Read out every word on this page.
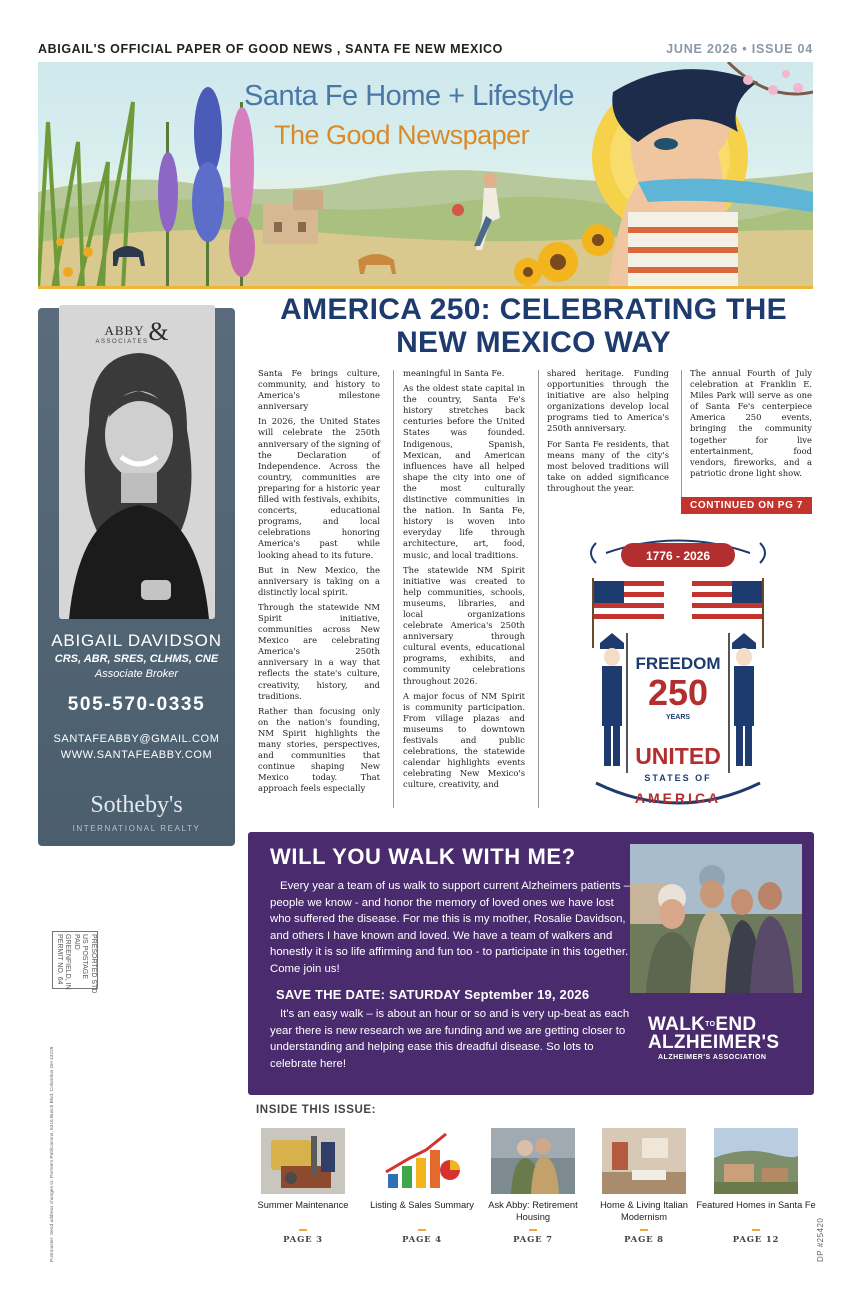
ABIGAIL'S OFFICIAL PAPER OF GOOD NEWS , SANTA FE NEW MEXICO	JUNE 2026 • ISSUE 04
Santa Fe Home + Lifestyle
The Good Newspaper
ABBY &
ASSOCIATES
ABIGAIL DAVIDSON
CRS, ABR, SRES, CLHMS, CNE
Associate Broker
505-570-0335
SANTAFEABBY@GMAIL.COM
WWW.SANTAFEABBY.COM
Sotheby's
INTERNATIONAL REALTY
AMERICA 250: CELEBRATING THE NEW MEXICO WAY

Santa Fe brings culture, community, and history to America's milestone anniversary

In 2026, the United States will celebrate the 250th anniversary of the signing of the Declaration of Independence. Across the country, communities are preparing for a historic year filled with festivals, exhibits, concerts, educational programs, and local celebrations honoring America's past while looking ahead to its future.

But in New Mexico, the anniversary is taking on a distinctly local spirit.

Through the statewide NM Spirit initiative, communities across New Mexico are celebrating America's 250th anniversary in a way that reflects the state's culture, creativity, history, and traditions.

Rather than focusing only on the nation's founding, NM Spirit highlights the many stories, perspectives, and communities that continue shaping New Mexico today. That approach feels especially

meaningful in Santa Fe.

As the oldest state capital in the country, Santa Fe's history stretches back centuries before the United States was founded. Indigenous, Spanish, Mexican, and American influences have all helped shape the city into one of the most culturally distinctive communities in the nation. In Santa Fe, history is woven into everyday life through architecture, art, food, music, and local traditions.

The statewide NM Spirit initiative was created to help communities, schools, museums, libraries, and local organizations celebrate America's 250th anniversary through cultural events, educational programs, exhibits, and community celebrations throughout 2026.

A major focus of NM Spirit is community participation. From village plazas and museums to downtown festivals and public celebrations, the statewide calendar highlights events celebrating New Mexico's culture, creativity, and

shared heritage. Funding opportunities through the initiative are also helping organizations develop local programs tied to America's 250th anniversary.

For Santa Fe residents, that means many of the city's most beloved traditions will take on added significance throughout the year.

The annual Fourth of July celebration at Franklin E. Miles Park will serve as one of Santa Fe's centerpiece America 250 events, bringing the community together for live entertainment, food vendors, fireworks, and a patriotic drone light show.

CONTINUED ON PG 7
1776 - 2026
FREEDOM
250
YEARS
UNITED
STATES OF
AMERICA
WILL YOU WALK WITH ME?
Every year a team of us walk to support current Alzheimers patients – people we know - and honor the memory of loved ones we have lost who suffered the disease. For me this is my mother, Rosalie Davidson, and others I have known and loved. We have a team of walkers and honestly it is so life affirming and fun too - to participate in this together. Come join us!
SAVE THE DATE: SATURDAY September 19, 2026
It's an easy walk – is about an hour or so and is very up-beat as each year there is new research we are funding and we are getting closer to understanding and helping ease this dreadful disease. So lots to celebrate here!
$WALK^{TO}END$
ALZHEIMER'S
ALZHEIMER'S ASSOCIATION
PRESORTED STD
US POSTAGE
PAID
GREENFIELD, IN
PERMIT NO. 64
Postmaster: Send address changes to: Partners Publications, 6316 Busch Blvd, Columbus OH 43229	DP #25420
INSIDE THIS ISSUE:
Summer Maintenance
PAGE 3
Listing & Sales Summary
PAGE 4
Ask Abby: Retirement Housing
PAGE 7
Home & Living Italian Modernism
PAGE 8
Featured Homes in Santa Fe
PAGE 12
